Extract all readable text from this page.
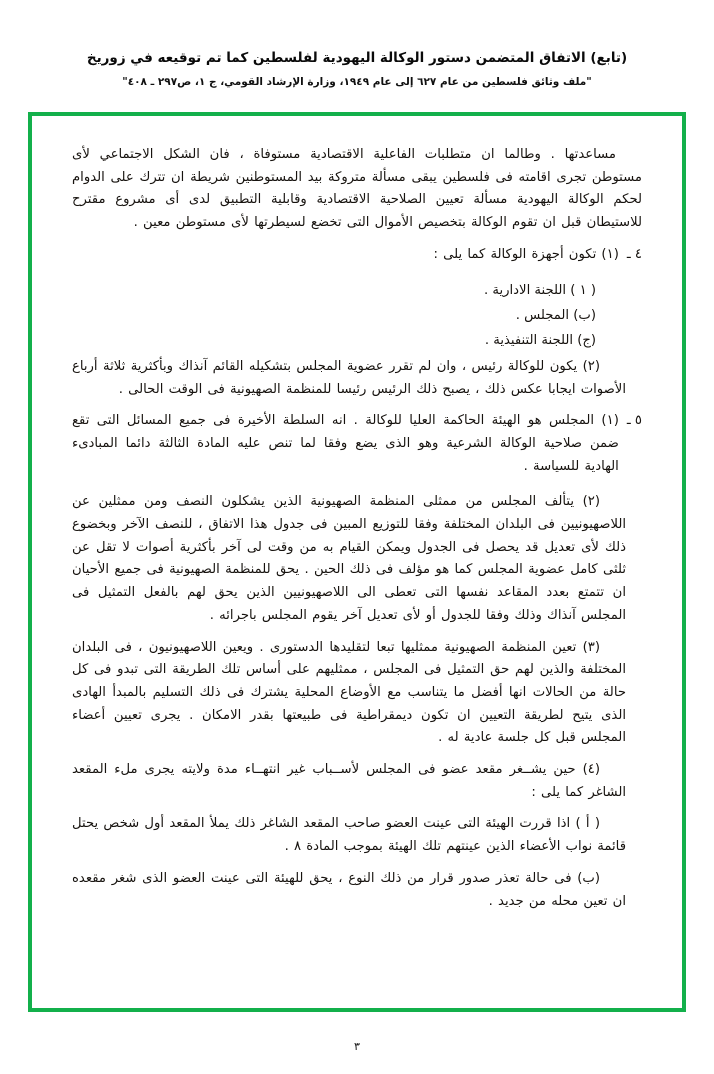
(تابع) الاتفاق المتضمن دستور الوكالة اليهودية لفلسطين كما تم توقيعه في زوريخ
"ملف وثائق فلسطين من عام ٦٢٧ إلى عام ١٩٤٩، وزارة الإرشاد القومي، ج ١، ص٢٩٧ ـ ٤٠٨"

مساعدتها . وطالما ان متطلبات الفاعلية الاقتصادية مستوفاة ، فان الشكل الاجتماعي لأى مستوطن تجرى اقامته فى فلسطين يبقى مسألة متروكة بيد المستوطنين شريطة ان تترك على الدوام لحكم الوكالة اليهودية مسألة تعيين الصلاحية الاقتصادية وقابلية التطبيق لدى أى مشروع مقترح للاستيطان قبل ان تقوم الوكالة بتخصيص الأموال التى تخضع لسيطرتها لأى مستوطن معين .

٤ ـ

(١) تكون أجهزة الوكالة كما يلى :

( ١ ) اللجنة الادارية .

(ب) المجلس .

(ج) اللجنة التنفيذية .

(٢) يكون للوكالة رئيس ، وان لم تقرر عضوية المجلس بتشكيله القائم آنذاك وبأكثرية ثلاثة أرباع الأصوات ايجابا عكس ذلك ، يصبح ذلك الرئيس رئيسا للمنظمة الصهيونية فى الوقت الحالى .

٥ ـ

(١) المجلس هو الهيئة الحاكمة العليا للوكالة . انه السلطة الأخيرة فى جميع المسائل التى تقع ضمن صلاحية الوكالة الشرعية وهو الذى يضع وفقا لما تنص عليه المادة الثالثة دائما المبادىء الهادية للسياسة .

(٢) يتألف المجلس من ممثلى المنظمة الصهيونية الذين يشكلون النصف ومن ممثلين عن اللاصهيونيين فى البلدان المختلفة وفقا للتوزيع المبين فى جدول هذا الاتفاق ، للنصف الآخر وبخضوع ذلك لأى تعديل قد يحصل فى الجدول ويمكن القيام به من وقت لى آخر بأكثرية أصوات لا تقل عن ثلثى كامل عضوية المجلس كما هو مؤلف فى ذلك الحين . يحق للمنظمة الصهيونية فى جميع الأحيان ان تتمتع بعدد المقاعد نفسها التى تعطى الى اللاصهيونيين الذين يحق لهم بالفعل التمثيل فى المجلس آنذاك وذلك وفقا للجدول أو لأى تعديل آخر يقوم المجلس باجرائه .

(٣) تعين المنظمة الصهيونية ممثليها تبعا لتقليدها الدستورى . ويعين اللاصهيونيون ، فى البلدان المختلفة والذين لهم حق التمثيل فى المجلس ، ممثليهم على أساس تلك الطريقة التى تبدو فى كل حالة من الحالات انها أفضل ما يتناسب مع الأوضاع المحلية يشترك فى ذلك التسليم بالمبدأ الهادى الذى يتيح لطريقة التعيين ان تكون ديمقراطية فى طبيعتها بقدر الامكان . يجرى تعيين أعضاء المجلس قبل كل جلسة عادية له .

(٤) حين يشــغر مقعد عضو فى المجلس لأســباب غير انتهــاء مدة ولايته يجرى ملء المقعد الشاغر كما يلى :

( أ ) اذا قررت الهيئة التى عينت العضو صاحب المقعد الشاغر ذلك يملأ المقعد أول شخص يحتل قائمة نواب الأعضاء الذين عينتهم تلك الهيئة بموجب المادة ٨ .

(ب) فى حالة تعذر صدور قرار من ذلك النوع ، يحق للهيئة التى عينت العضو الذى شغر مقعده ان تعين محله من جديد .

٣
